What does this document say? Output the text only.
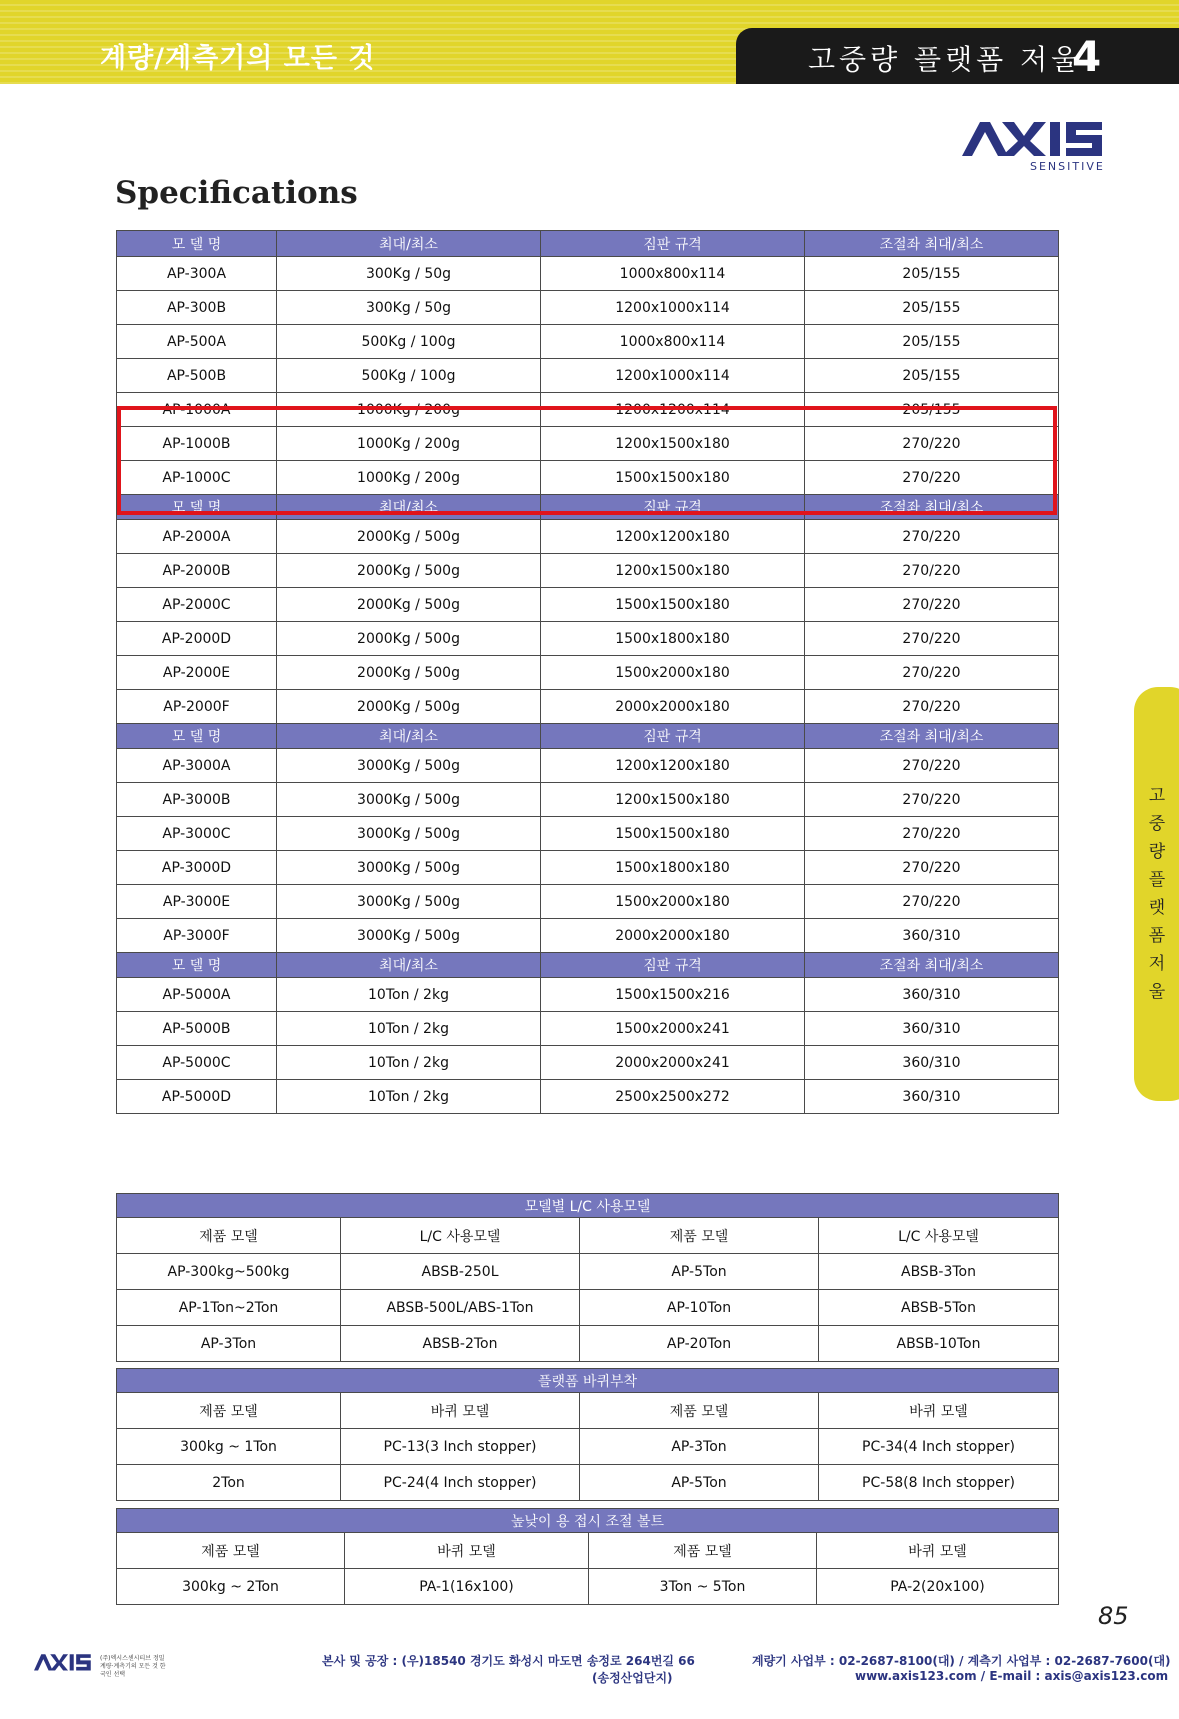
계량/계측기의 모든 것	고중량 플랫폼 저울
4
SENSITIVE
Specifications
모 델 명	최대/최소	짐판 규격	조절좌 최대/최소
AP-300A	300Kg / 50g	1000x800x114	205/155
AP-300B	300Kg / 50g	1200x1000x114	205/155
AP-500A	500Kg / 100g	1000x800x114	205/155
AP-500B	500Kg / 100g	1200x1000x114	205/155
AP-1000A	1000Kg / 200g	1200x1200x114	205/155
AP-1000B	1000Kg / 200g	1200x1500x180	270/220
AP-1000C	1000Kg / 200g	1500x1500x180	270/220
모 델 명	최대/최소	짐판 규격	조절좌 최대/최소
AP-2000A	2000Kg / 500g	1200x1200x180	270/220
AP-2000B	2000Kg / 500g	1200x1500x180	270/220
AP-2000C	2000Kg / 500g	1500x1500x180	270/220
AP-2000D	2000Kg / 500g	1500x1800x180	270/220
AP-2000E	2000Kg / 500g	1500x2000x180	270/220
AP-2000F	2000Kg / 500g	2000x2000x180	270/220
모 델 명	최대/최소	짐판 규격	조절좌 최대/최소
AP-3000A	3000Kg / 500g	1200x1200x180	270/220
AP-3000B	3000Kg / 500g	1200x1500x180	270/220
AP-3000C	3000Kg / 500g	1500x1500x180	270/220
AP-3000D	3000Kg / 500g	1500x1800x180	270/220
AP-3000E	3000Kg / 500g	1500x2000x180	270/220
AP-3000F	3000Kg / 500g	2000x2000x180	360/310
모 델 명	최대/최소	짐판 규격	조절좌 최대/최소
AP-5000A	10Ton / 2kg	1500x1500x216	360/310
AP-5000B	10Ton / 2kg	1500x2000x241	360/310
AP-5000C	10Ton / 2kg	2000x2000x241	360/310
AP-5000D	10Ton / 2kg	2500x2500x272	360/310
모델별 L/C 사용모델			
제품 모델	L/C 사용모델	제품 모델	L/C 사용모델
AP-300kg~500kg	ABSB-250L	AP-5Ton	ABSB-3Ton
AP-1Ton~2Ton	ABSB-500L/ABS-1Ton	AP-10Ton	ABSB-5Ton
AP-3Ton	ABSB-2Ton	AP-20Ton	ABSB-10Ton
플랫폼 바퀴부착			
제품 모델	바퀴 모델	제품 모델	바퀴 모델
300kg ~ 1Ton	PC-13(3 Inch stopper)	AP-3Ton	PC-34(4 Inch stopper)
2Ton	PC-24(4 Inch stopper)	AP-5Ton	PC-58(8 Inch stopper)
높낮이 용 접시 조절 볼트			
제품 모델	바퀴 모델	제품 모델	바퀴 모델
300kg ~ 2Ton	PA-1(16x100)	3Ton ~ 5Ton	PA-2(20x100)
고중량플랫폼저울
85
(주)엑시스센시티브 정밀계량·계측기의 모든 것 한국인 선택
본사 및 공장 : (우)18540 경기도 화성시 마도면 송정로 264번길 66
(송정산업단지)
계량기 사업부 : 02-2687-8100(대) / 계측기 사업부 : 02-2687-7600(대)
www.axis123.com / E-mail : axis@axis123.com
